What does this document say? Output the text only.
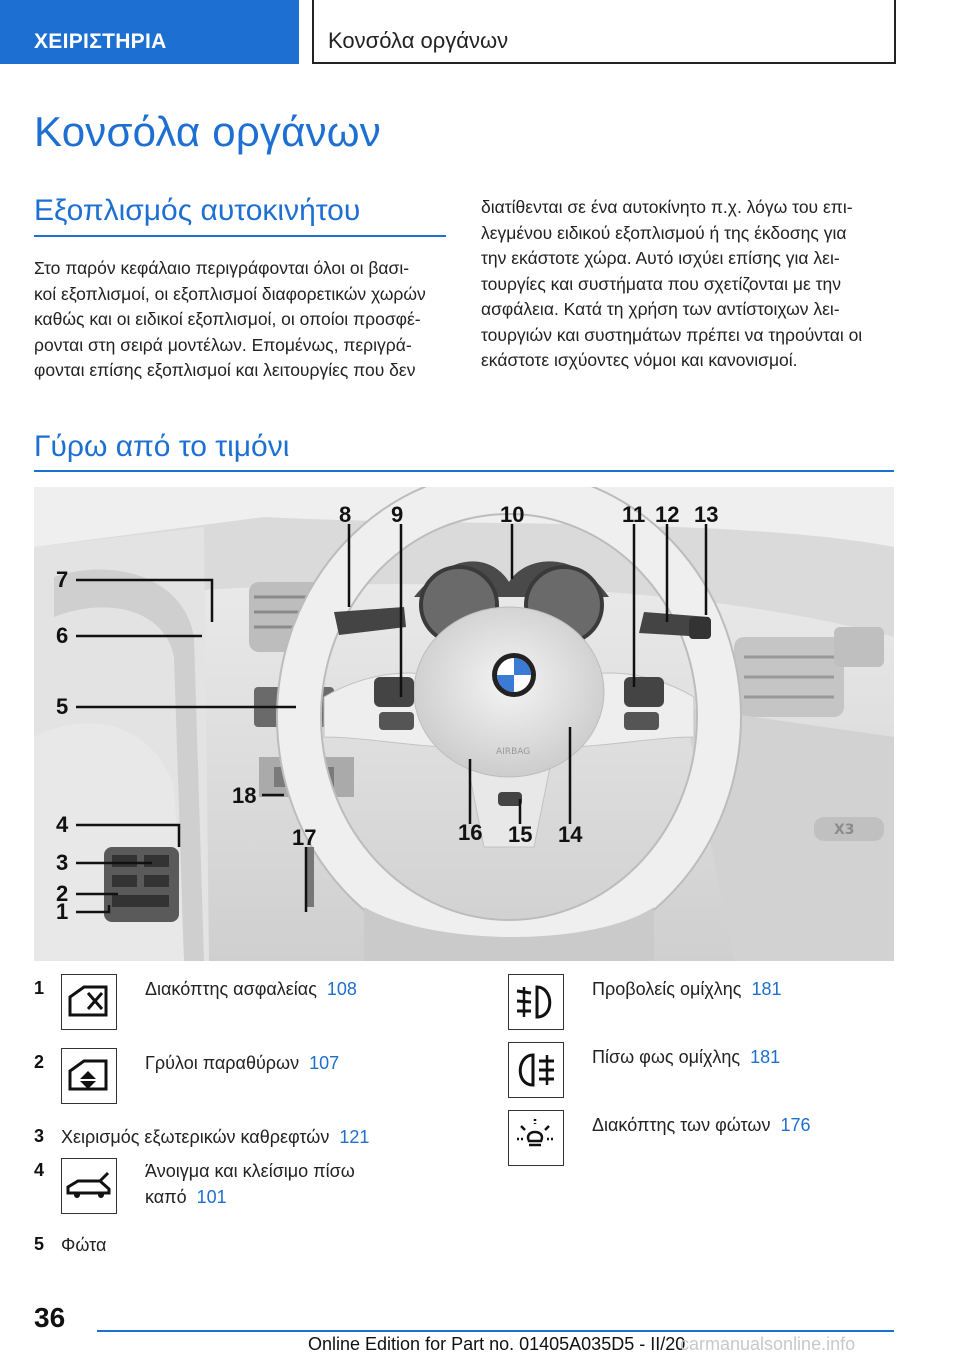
ΧΕΙΡΙΣΤΗΡΙΑ	Κονσόλα οργάνων
Κονσόλα οργάνων
Εξοπλισμός αυτοκινήτου
Στο παρόν κεφάλαιο περιγράφονται όλοι οι βασι-
κοί εξοπλισμοί, οι εξοπλισμοί διαφορετικών χωρών
καθώς και οι ειδικοί εξοπλισμοί, οι οποίοι προσφέ-
ρονται στη σειρά μοντέλων. Επομένως, περιγρά-
φονται επίσης εξοπλισμοί και λειτουργίες που δεν
διατίθενται σε ένα αυτοκίνητο π.χ. λόγω του επι-
λεγμένου ειδικού εξοπλισμού ή της έκδοσης για
την εκάστοτε χώρα. Αυτό ισχύει επίσης για λει-
τουργίες και συστήματα που σχετίζονται με την
ασφάλεια. Κατά τη χρήση των αντίστοιχων λει-
τουργιών και συστημάτων πρέπει να τηρούνται οι
εκάστοτε ισχύοντες νόμοι και κανονισμοί.
Γύρω από το τιμόνι
X3
AIRBAG
1
2
3
4
5
6
7
8 9	10	11 12 13
14
15
16
17
18
1	Διακόπτης ασφαλείας 108
2	Γρύλοι παραθύρων 107
3 Χειρισμός εξωτερικών καθρεφτών 121
4	Άνοιγμα και κλείσιμο πίσω
καπό 101
5 Φώτα
Προβολείς ομίχλης 181
Πίσω φως ομίχλης 181
Διακόπτης των φώτων 176
36
Online Edition for Part no. 01405A035D5 - II/20
carmanualsonline.info
